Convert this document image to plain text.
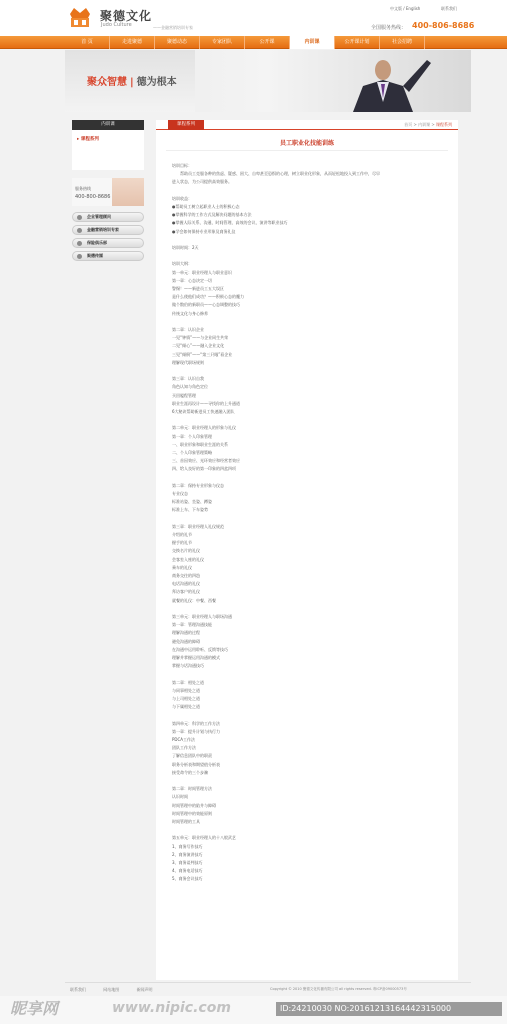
聚德文化
Judo Culture	——金融营销培训专家
中文版 / English	联系我们
全国服务热线： 400-806-8686
首 页	走进聚德	聚德动态	专家团队	公开课	内训课	公开课计划	社会招聘
聚众智慧 | 德为根本
内训课
▸ 课程系列
服务热线
400-800-8686
企业管理顾问
金融营销培训专家
保险俱乐部
聚德传媒
课程系列	首页 > 内训课 > 课程系列
员工职业化技能训练

培训目标：

　　帮助员工克服各种的焦虑、疑惑、困大、自卑甚至恐惧的心理，树立职业化形象，从而轻松地投入到工作中，尽早

进入状态，为公司提供高效服务。

培训收益：

●帮助员工树立起职业人士的积极心态

●掌握科学的工作方式及解决问题的基本方法

●掌握人际关系、沟通、时间管理、高效的会议、演讲等职业技巧

●学会如何保持专业形象及商务礼仪

培训时间：2天

培训大纲：

第一单元：职业经理人与职业意识

第一章：心态决定一切

警惕！——新进员工五大误区

是什么使他们成功？——积极心态的魔力

做个散伯的新职员——心态调整的技巧

传统文化与身心修养

第二章：认识企业

一见“钟情”——与企业同生共荣

二见“倾心”——融入企业文化

三见“倾倒”——“第三只眼”看企业

理解现代职场规则

第三章：认识自我

角色认知与角色定位

买回履程管理

职业生涯再设计——寻找你的上升通道

6大秘诀帮助新进员工快速融入团队

第二单元：职业经理人的形象与礼仪

第一章：个人印象管理

一、职业形象和职业生涯的关系

二、个人印象管理策略

三、首因效应、光环效应和经营者效应

四、给人良好的第一印象的四盆四项

第二章：保持专业形象与仪态

专业仪态

标准站姿、坐姿、蹲姿

标准上车、下车姿势

第三章：职业经理人礼仪规范

介绍的礼节

握手的礼节

交换名片的礼仪

会客室入座的礼仪

乘车的礼仪

商务交往的四趋

电话沟通的礼仪

拜访客户的礼仪

就餐的礼仪：中餐、西餐

第三单元：职业经理人与职场沟通

第一章：管理沟通技能

理解沟通的过程

避免沟通的障碍

在沟通中运用聆听、反馈等技巧

理解并掌握运用沟通的模式

掌握与话沟通技巧

第二章：相处之道

与同事相处之道

与上司相处之道

与下属相处之道

第四单元：科学的工作方法

第一章：提升计划与执行力

PDCA工作法

团队工作方法

了解信息团队中的职责

职务分析表和期望值分析表

接受命令的三个步骤

第二章：时间管理方法

认识时间

时间管理中的陷井与障碍

时间管理中的效能原则

时间管理的工具

第五单元：职业经理人的十八般武艺

1、商务写作技巧

2、商务演讲技巧

3、商务谈判技巧

4、商务电话技巧

5、商务会议技巧

联系我们	网站地图	新闻声明	Copyright © 2010 聚德文化传播有限公司 all rights reserved. 粤ICP备09000573号
昵享网	www.nipic.com	ID:24210030 NO:20161213164442315000
